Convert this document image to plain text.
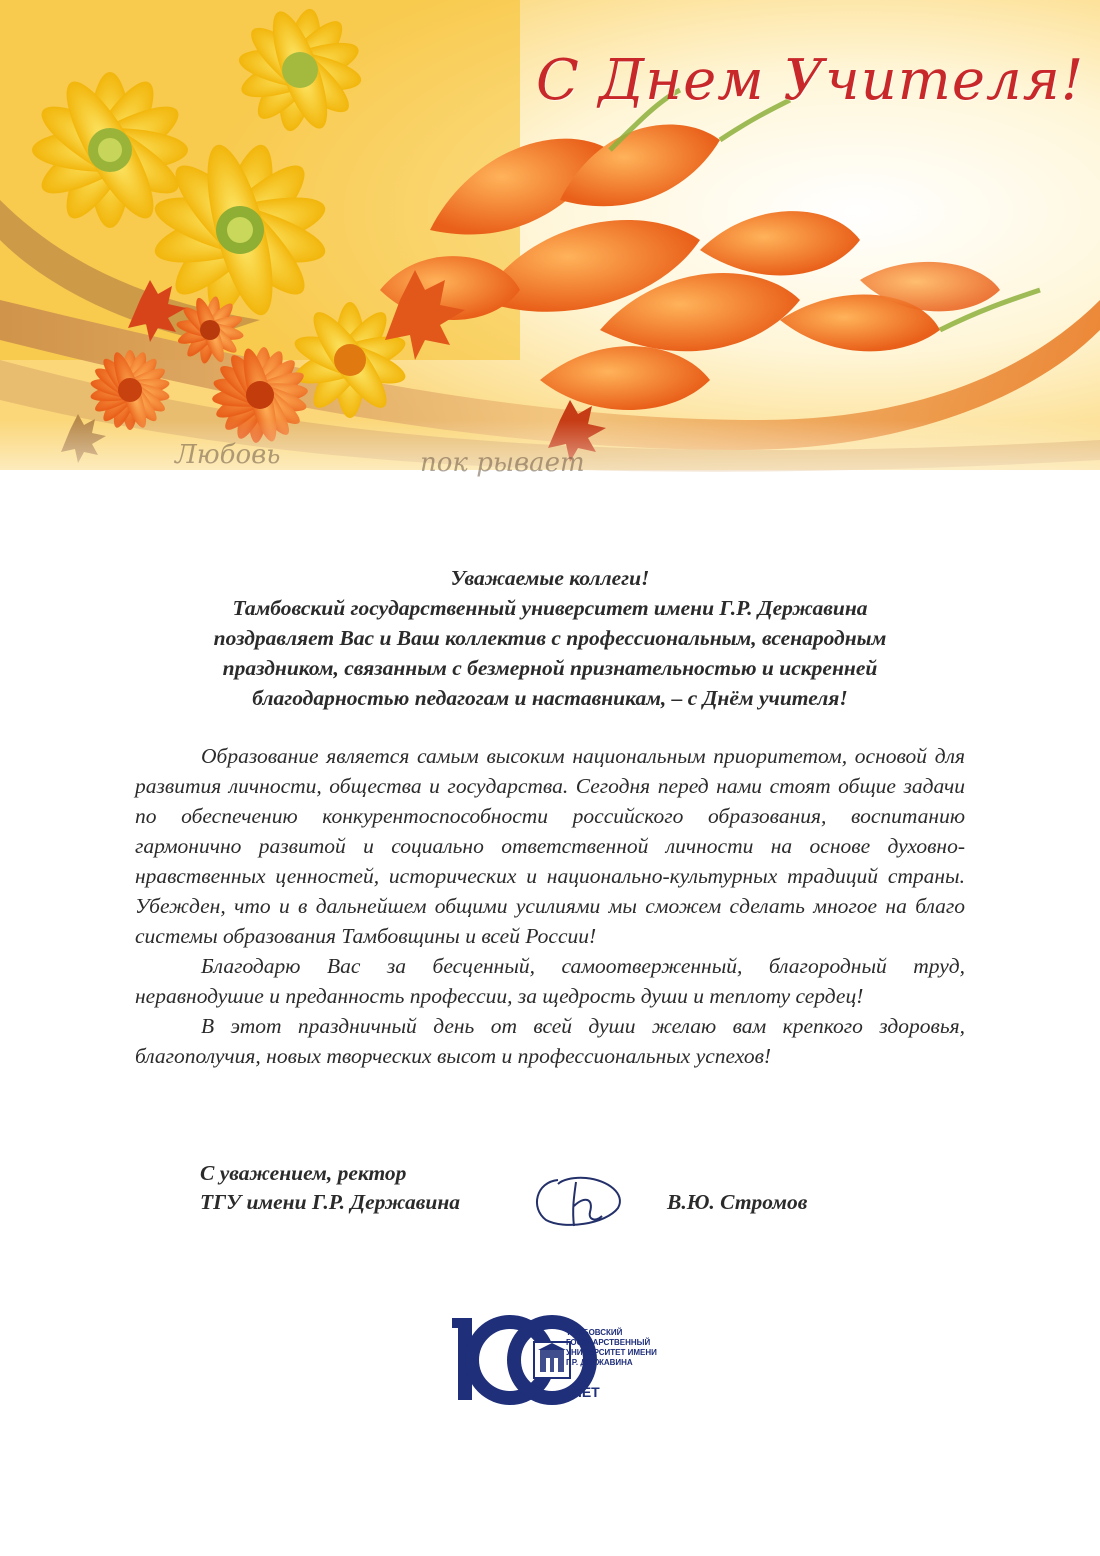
С Днем Учителя!
Любовь	пок рывает
Уважаемые коллеги!
Тамбовский государственный университет имени Г.Р. Державина
поздравляет Вас и Ваш коллектив с профессиональным, всенародным
праздником, связанным с безмерной признательностью и искренней
благодарностью педагогам и наставникам, – с Днём учителя!

Образование является самым высоким национальным приоритетом, основой для развития личности, общества и государства. Сегодня перед нами стоят общие задачи по обеспечению конкурентоспособности российского образования, воспитанию гармонично развитой и социально ответственной личности на основе духовно-нравственных ценностей, исторических и национально-культурных традиций страны. Убежден, что и в дальнейшем общими усилиями мы сможем сделать многое на благо системы образования Тамбовщины и всей России!

Благодарю Вас за бесценный, самоотверженный, благородный труд, неравнодушие и преданность профессии, за щедрость души и теплоту сердец!

В этот праздничный день от всей души желаю вам крепкого здоровья, благополучия, новых творческих высот и профессиональных успехов!

С уважением, ректор
ТГУ имени Г.Р. Державина	В.Ю. Стромов
ТАМБОВСКИЙ ГОСУДАРСТВЕННЫЙ УНИВЕРСИТЕТ ИМЕНИ Г.Р. ДЕРЖАВИНА
ЛЕТ
